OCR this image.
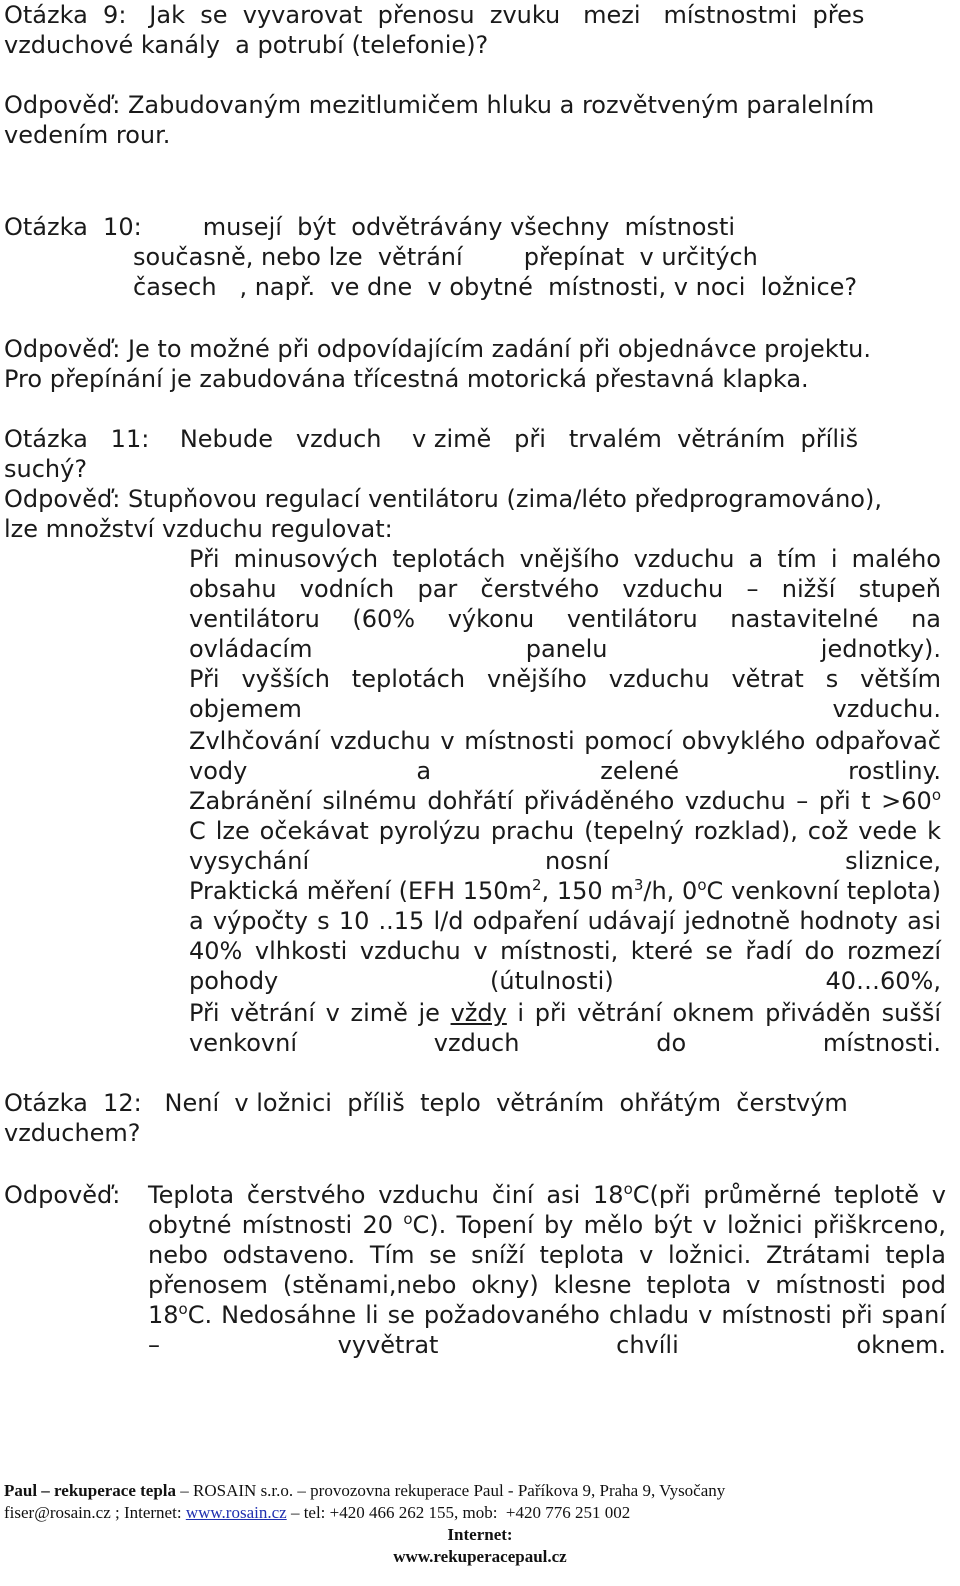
Otázka  9:   Jak  se  vyvarovat  přenosu  zvuku   mezi   místnostmi  přes
vzduchové kanály  a potrubí (telefonie)?
Odpověď: Zabudovaným mezitlumičem hluku a rozvětveným paralelním
vedením rour.
Otázka  10:        musejí  být  odvětrávány všechny  místnosti
současně, nebo lze  větrání        přepínat  v určitých
časech   , např.  ve dne  v obytné  místnosti, v noci  ložnice?
Odpověď: Je to možné při odpovídajícím zadání při objednávce projektu.
Pro přepínání je zabudována třícestná motorická přestavná klapka.
Otázka   11:    Nebude   vzduch    v zimě   při   trvalém  větráním  příliš
suchý?
Odpověď: Stupňovou regulací ventilátoru (zima/léto předprogramováno),
lze množství vzduchu regulovat:
Při minusových teplotách vnějšího vzduchu a tím i malého obsahu vodních par čerstvého vzduchu – nižší stupeň ventilátoru (60% výkonu ventilátoru nastavitelné na ovládacím panelu jednotky).
Při vyšších teplotách vnějšího vzduchu větrat s větším objemem vzduchu.
Zvlhčování vzduchu v místnosti pomocí obvyklého odpařovač vody a zelené rostliny.
Zabránění silnému dohřátí přiváděného vzduchu – při $t >60^o$ C lze očekávat pyrolýzu prachu (tepelný rozklad), což vede k vysychání nosní sliznice,
Praktická měření (EFH $150m^2$, 150 $m^3/h$, 0$^o$C venkovní teplota) a výpočty s 10 ..15 l/d odpaření udávají jednotně hodnoty asi 40% vlhkosti vzduchu v místnosti, které se řadí do rozmezí pohody (útulnosti) 40…60%,
Při větrání v zimě je vždy i při větrání oknem přiváděn sušší venkovní vzduch do místnosti.
Otázka  12:   Není  v ložnici  příliš  teplo  větráním  ohřátým  čerstvým
vzduchem?
Odpověď: Teplota čerstvého vzduchu činí asi 18$^o$C(při průměrné teplotě v obytné místnosti 20 $^o$C). Topení by mělo být v ložnici přiškrceno, nebo odstaveno. Tím se sníží teplota v ložnici. Ztrátami tepla přenosem (stěnami,nebo okny) klesne teplota v místnosti pod 18$^o$C. Nedosáhne li se požadovaného chladu v místnosti při spaní – vyvětrat chvíli oknem.
Paul – rekuperace tepla – ROSAIN s.r.o. – provozovna rekuperace Paul - Paříkova 9, Praha 9, Vysočany
fiser@rosain.cz ; Internet: www.rosain.cz – tel: +420 466 262 155, mob:  +420 776 251 002
Internet:
www.rekuperacepaul.cz
